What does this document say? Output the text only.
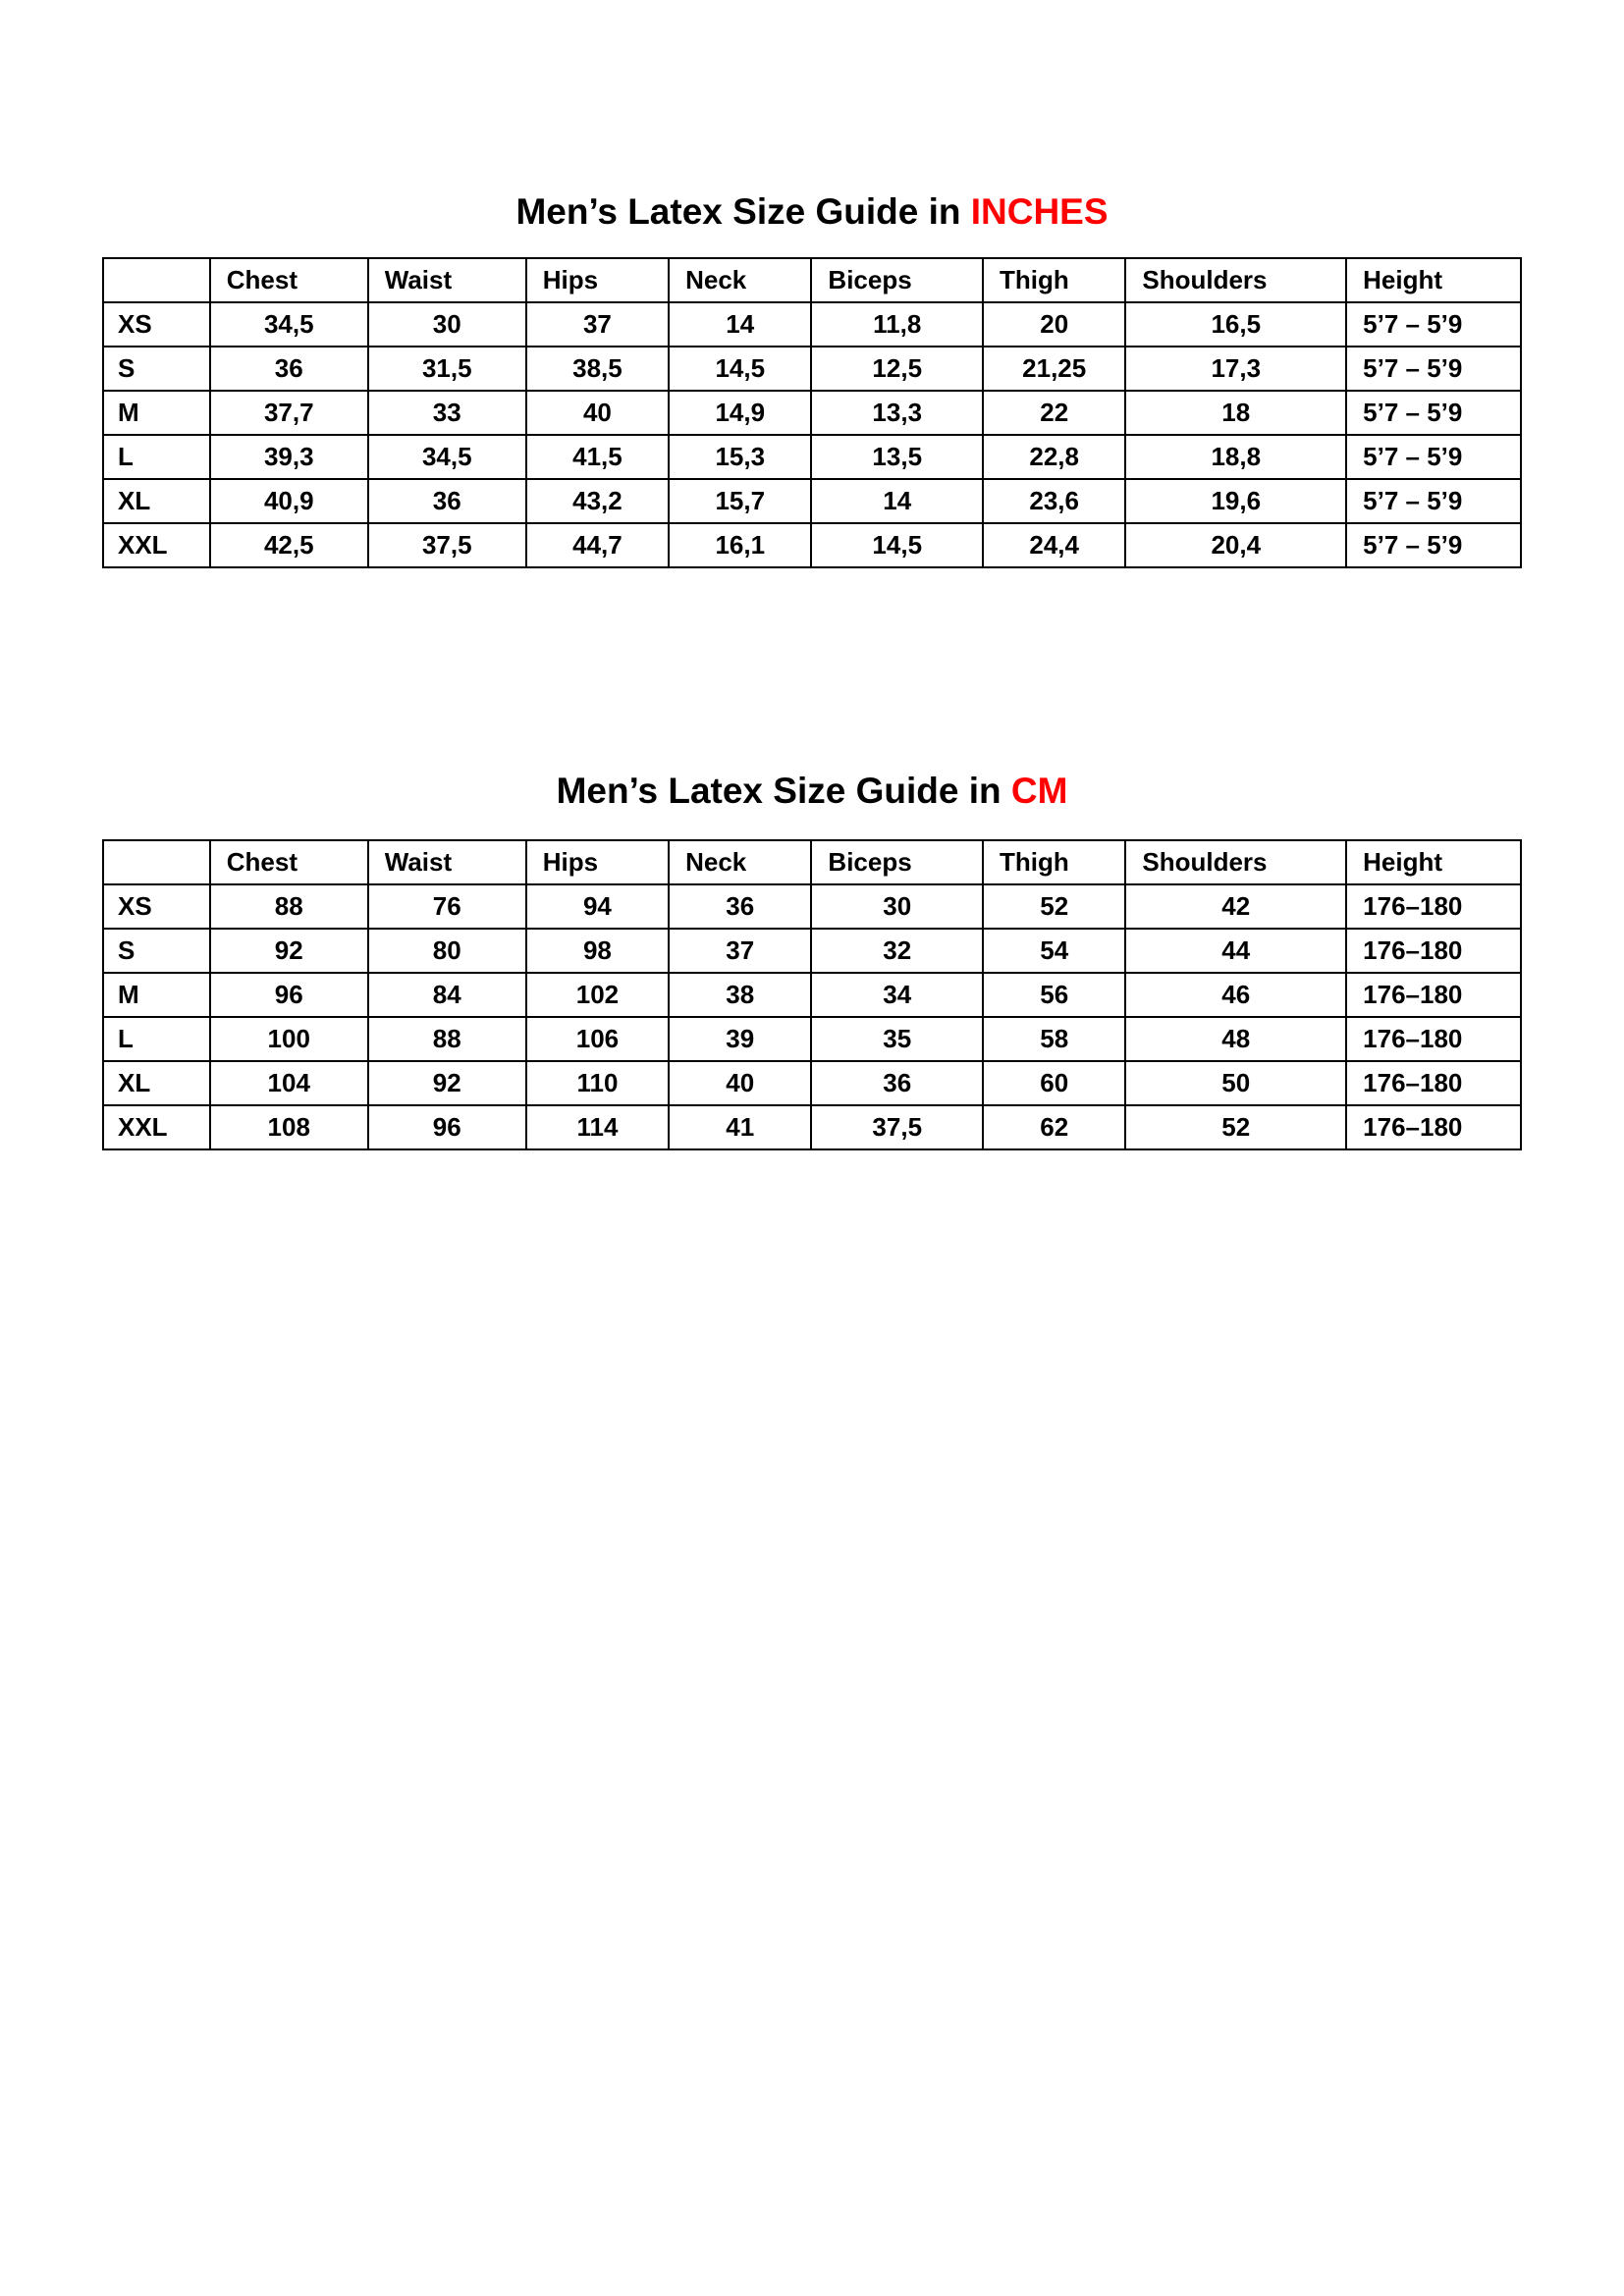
Men’s Latex Size Guide in INCHES
	Chest	Waist	Hips	Neck	Biceps	Thigh	Shoulders	Height
XS	34,5	30	37	14	11,8	20	16,5	5’7 – 5’9
S	36	31,5	38,5	14,5	12,5	21,25	17,3	5’7 – 5’9
M	37,7	33	40	14,9	13,3	22	18	5’7 – 5’9
L	39,3	34,5	41,5	15,3	13,5	22,8	18,8	5’7 – 5’9
XL	40,9	36	43,2	15,7	14	23,6	19,6	5’7 – 5’9
XXL	42,5	37,5	44,7	16,1	14,5	24,4	20,4	5’7 – 5’9
Men’s Latex Size Guide in CM
	Chest	Waist	Hips	Neck	Biceps	Thigh	Shoulders	Height
XS	88	76	94	36	30	52	42	176–180
S	92	80	98	37	32	54	44	176–180
M	96	84	102	38	34	56	46	176–180
L	100	88	106	39	35	58	48	176–180
XL	104	92	110	40	36	60	50	176–180
XXL	108	96	114	41	37,5	62	52	176–180
